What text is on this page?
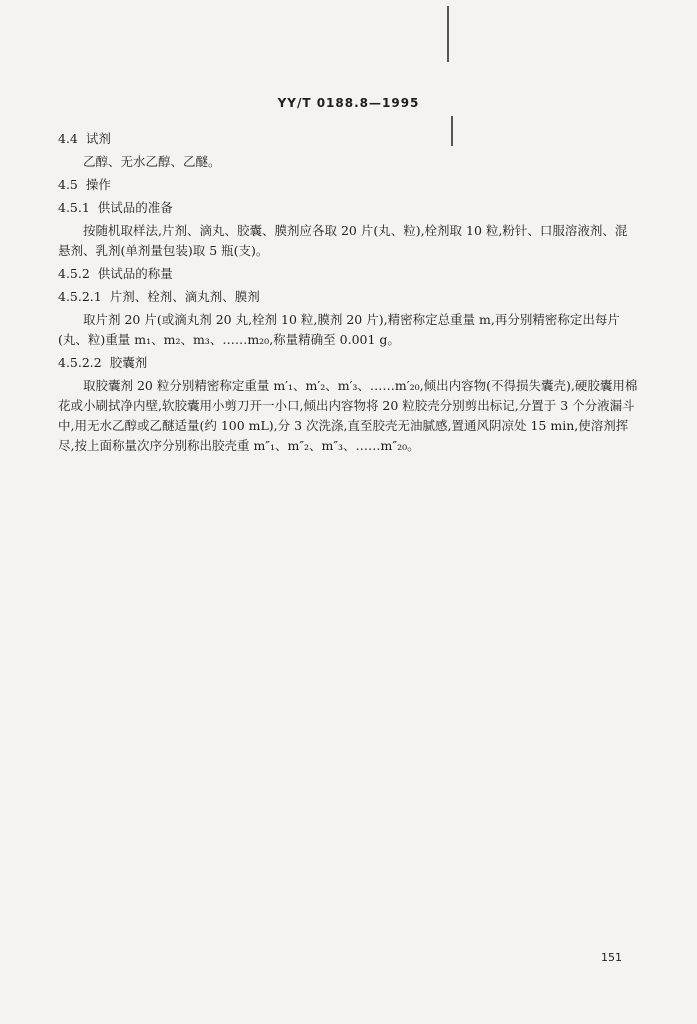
YY/T 0188.8—1995
4.4 试剂
乙醇、无水乙醇、乙醚。
4.5 操作
4.5.1 供试品的准备
按随机取样法,片剂、滴丸、胶囊、膜剂应各取 20 片(丸、粒),栓剂取 10 粒,粉针、口服溶液剂、混悬剂、乳剂(单剂量包装)取 5 瓶(支)。
4.5.2 供试品的称量
4.5.2.1 片剂、栓剂、滴丸剂、膜剂
取片剂 20 片(或滴丸剂 20 丸,栓剂 10 粒,膜剂 20 片),精密称定总重量 m,再分别精密称定出每片(丸、粒)重量 m₁、m₂、m₃、……m₂₀,称量精确至 0.001 g。
4.5.2.2 胶囊剂
取胶囊剂 20 粒分别精密称定重量 m′₁、m′₂、m′₃、……m′₂₀,倾出内容物(不得损失囊壳),硬胶囊用棉花或小刷拭净内壁,软胶囊用小剪刀开一小口,倾出内容物将 20 粒胶壳分别剪出标记,分置于 3 个分液漏斗中,用无水乙醇或乙醚适量(约 100 mL),分 3 次洗涤,直至胶壳无油腻感,置通风阴凉处 15 min,使溶剂挥尽,按上面称量次序分别称出胶壳重 m″₁、m″₂、m″₃、……m″₂₀。
151
